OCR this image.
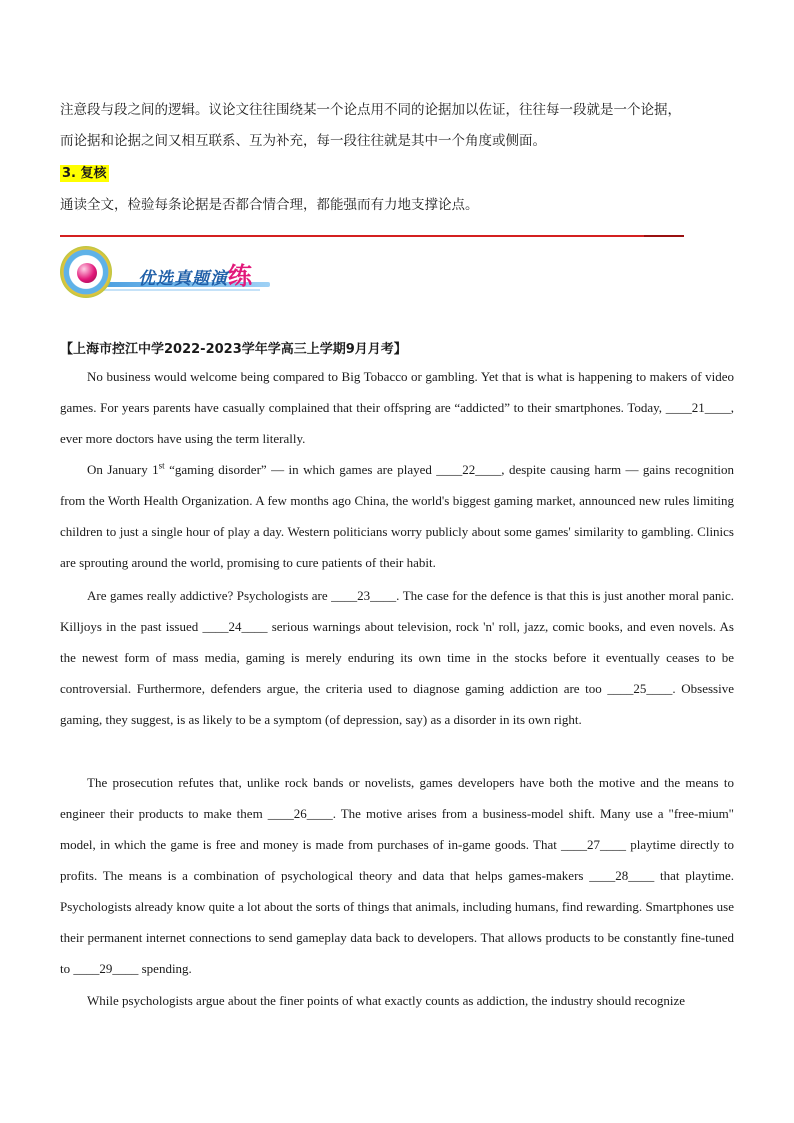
注意段与段之间的逻辑。议论文往往围绕某一个论点用不同的论据加以佐证，往往每一段就是一个论据，
而论据和论据之间又相互联系、互为补充，每一段往往就是其中一个角度或侧面。
3. 复核
通读全文，检验每条论据是否都合情合理，都能强而有力地支撑论点。
优选真题演练
【上海市控江中学2022-2023学年学高三上学期9月月考】

No business would welcome being compared to Big Tobacco or gambling. Yet that is what is happening to makers of video games. For years parents have casually complained that their offspring are “addicted” to their smartphones. Today, ____21____, ever more doctors have using the term literally.

On January 1st “gaming disorder” — in which games are played ____22____, despite causing harm — gains recognition from the Worth Health Organization. A few months ago China, the world's biggest gaming market, announced new rules limiting children to just a single hour of play a day. Western politicians worry publicly about some games' similarity to gambling. Clinics are sprouting around the world, promising to cure patients of their habit.

Are games really addictive? Psychologists are ____23____. The case for the defence is that this is just another moral panic. Killjoys in the past issued ____24____ serious warnings about television, rock 'n' roll, jazz, comic books, and even novels. As the newest form of mass media, gaming is merely enduring its own time in the stocks before it eventually ceases to be controversial. Furthermore, defenders argue, the criteria used to diagnose gaming addiction are too ____25____. Obsessive gaming, they suggest, is as likely to be a symptom (of depression, say) as a disorder in its own right.

The prosecution refutes that, unlike rock bands or novelists, games developers have both the motive and the means to engineer their products to make them ____26____. The motive arises from a business-model shift. Many use a "free-mium" model, in which the game is free and money is made from purchases of in-game goods. That ____27____ playtime directly to profits. The means is a combination of psychological theory and data that helps games-makers ____28____ that playtime. Psychologists already know quite a lot about the sorts of things that animals, including humans, find rewarding. Smartphones use their permanent internet connections to send gameplay data back to developers. That allows products to be constantly fine-tuned to ____29____ spending.

While psychologists argue about the finer points of what exactly counts as addiction, the industry should recognize
